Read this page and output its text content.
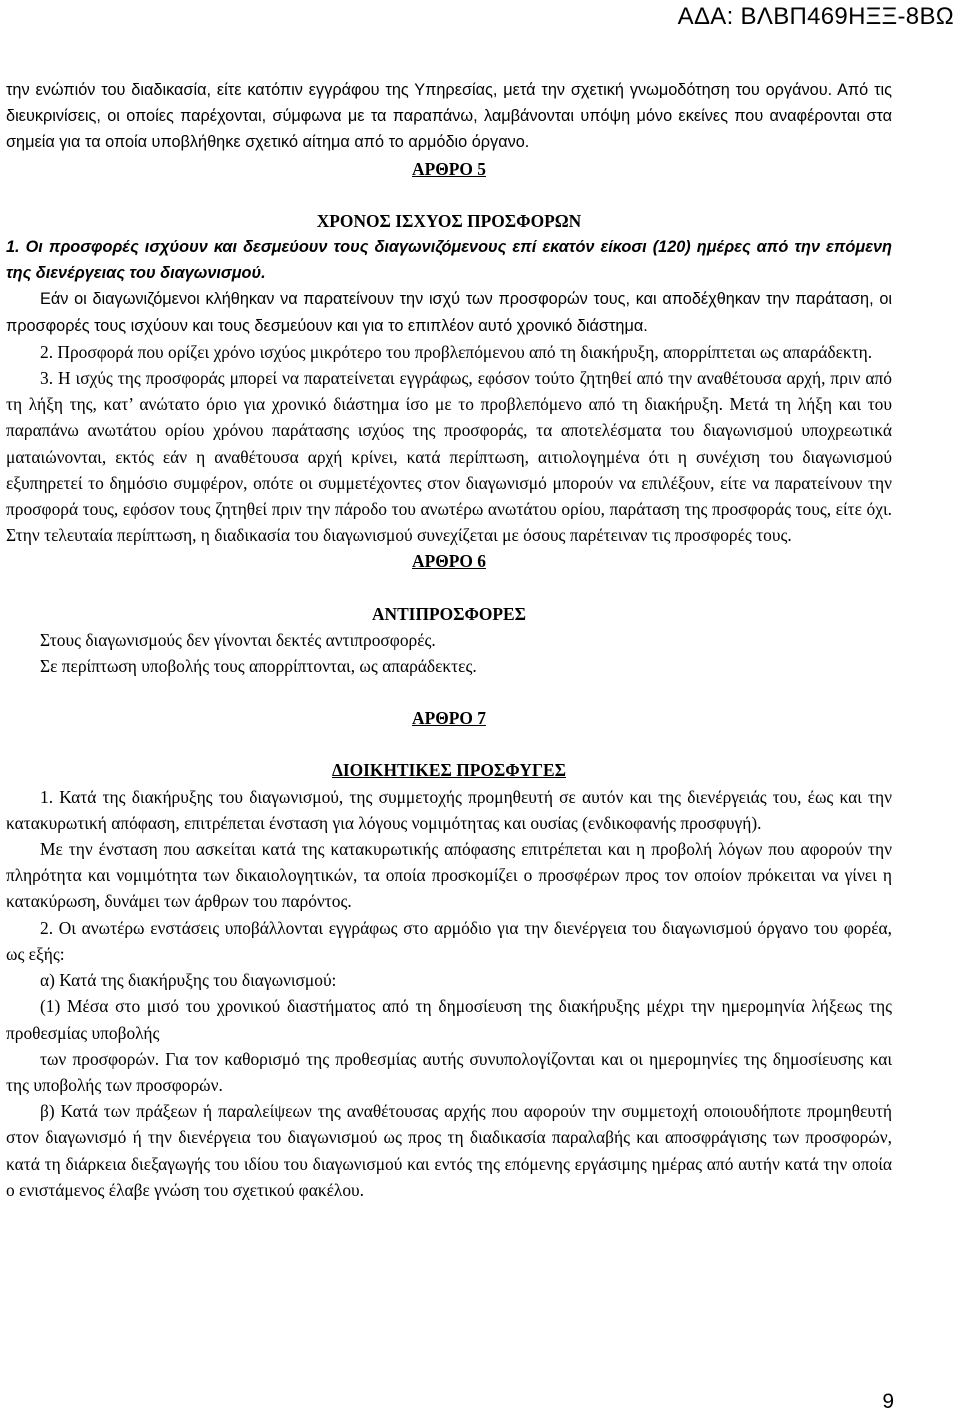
ΑΔΑ: ΒΛΒΠ469ΗΞΞ-8ΒΩ

την ενώπιόν του διαδικασία, είτε κατόπιν εγγράφου της Υπηρεσίας, μετά την σχετική γνωμοδότηση του οργάνου. Από τις διευκρινίσεις, οι οποίες παρέχονται, σύμφωνα με τα παραπάνω, λαμβάνονται υπόψη μόνο εκείνες που αναφέρονται στα σημεία για τα οποία υποβλήθηκε σχετικό αίτημα από το αρμόδιο όργανο.

ΑΡΘΡΟ 5

ΧΡΟΝΟΣ ΙΣΧΥΟΣ ΠΡΟΣΦΟΡΩΝ

1. Οι προσφορές ισχύουν και δεσμεύουν τους διαγωνιζόμενους επί εκατόν είκοσι (120) ημέρες από την επόμενη της διενέργειας του διαγωνισμού.

Εάν οι διαγωνιζόμενοι κλήθηκαν να παρατείνουν την ισχύ των προσφορών τους, και αποδέχθηκαν την παράταση, οι προσφορές τους ισχύουν και τους δεσμεύουν και για το επιπλέον αυτό χρονικό διάστημα.

2. Προσφορά που ορίζει χρόνο ισχύος μικρότερο του προβλεπόμενου από τη διακήρυξη, απορρίπτεται ως απαράδεκτη.

3. Η ισχύς της προσφοράς μπορεί να παρατείνεται εγγράφως, εφόσον τούτο ζητηθεί από την αναθέτουσα αρχή, πριν από τη λήξη της, κατ’ ανώτατο όριο για χρονικό διάστημα ίσο με το προβλεπόμενο από τη διακήρυξη. Μετά τη λήξη και του παραπάνω ανωτάτου ορίου χρόνου παράτασης ισχύος της προσφοράς, τα αποτελέσματα του διαγωνισμού υποχρεωτικά ματαιώνονται, εκτός εάν η αναθέτουσα αρχή κρίνει, κατά περίπτωση, αιτιολογημένα ότι η συνέχιση του διαγωνισμού εξυπηρετεί το δημόσιο συμφέρον, οπότε οι συμμετέχοντες στον διαγωνισμό μπορούν να επιλέξουν, είτε να παρατείνουν την προσφορά τους, εφόσον τους ζητηθεί πριν την πάροδο του ανωτέρω ανωτάτου ορίου, παράταση της προσφοράς τους, είτε όχι. Στην τελευταία περίπτωση, η διαδικασία του διαγωνισμού συνεχίζεται με όσους παρέτειναν τις προσφορές τους.

ΑΡΘΡΟ 6

ΑΝΤΙΠΡΟΣΦΟΡΕΣ

Στους διαγωνισμούς δεν γίνονται δεκτές αντιπροσφορές.

Σε περίπτωση υποβολής τους απορρίπτονται, ως απαράδεκτες.

ΑΡΘΡΟ 7

ΔΙΟΙΚΗΤΙΚΕΣ ΠΡΟΣΦΥΓΕΣ

1. Κατά της διακήρυξης του διαγωνισμού, της συμμετοχής προμηθευτή σε αυτόν και της διενέργειάς του, έως και την κατακυρωτική απόφαση, επιτρέπεται ένσταση για λόγους νομιμότητας και ουσίας (ενδικοφανής προσφυγή).

Με την ένσταση που ασκείται κατά της κατακυρωτικής απόφασης επιτρέπεται και η προβολή λόγων που αφορούν την πληρότητα και νομιμότητα των δικαιολογητικών, τα οποία προσκομίζει ο προσφέρων προς τον οποίον πρόκειται να γίνει η κατακύρωση, δυνάμει των άρθρων του παρόντος.

2. Οι ανωτέρω ενστάσεις υποβάλλονται εγγράφως στο αρμόδιο για την διενέργεια του διαγωνισμού όργανο του φορέα, ως εξής:

α) Κατά της διακήρυξης του διαγωνισμού:

(1) Μέσα στο μισό του χρονικού διαστήματος από τη δημοσίευση της διακήρυξης μέχρι την ημερομηνία λήξεως της προθεσμίας υποβολής

των προσφορών. Για τον καθορισμό της προθεσμίας αυτής συνυπολογίζονται και οι ημερομηνίες της δημοσίευσης και της υποβολής των προσφορών.

β) Κατά των πράξεων ή παραλείψεων της αναθέτουσας αρχής που αφορούν την συμμετοχή οποιουδήποτε προμηθευτή στον διαγωνισμό ή την διενέργεια του διαγωνισμού ως προς τη διαδικασία παραλαβής και αποσφράγισης των προσφορών, κατά τη διάρκεια διεξαγωγής του ιδίου του διαγωνισμού και εντός της επόμενης εργάσιμης ημέρας από αυτήν κατά την οποία ο ενιστάμενος έλαβε γνώση του σχετικού φακέλου.

9
